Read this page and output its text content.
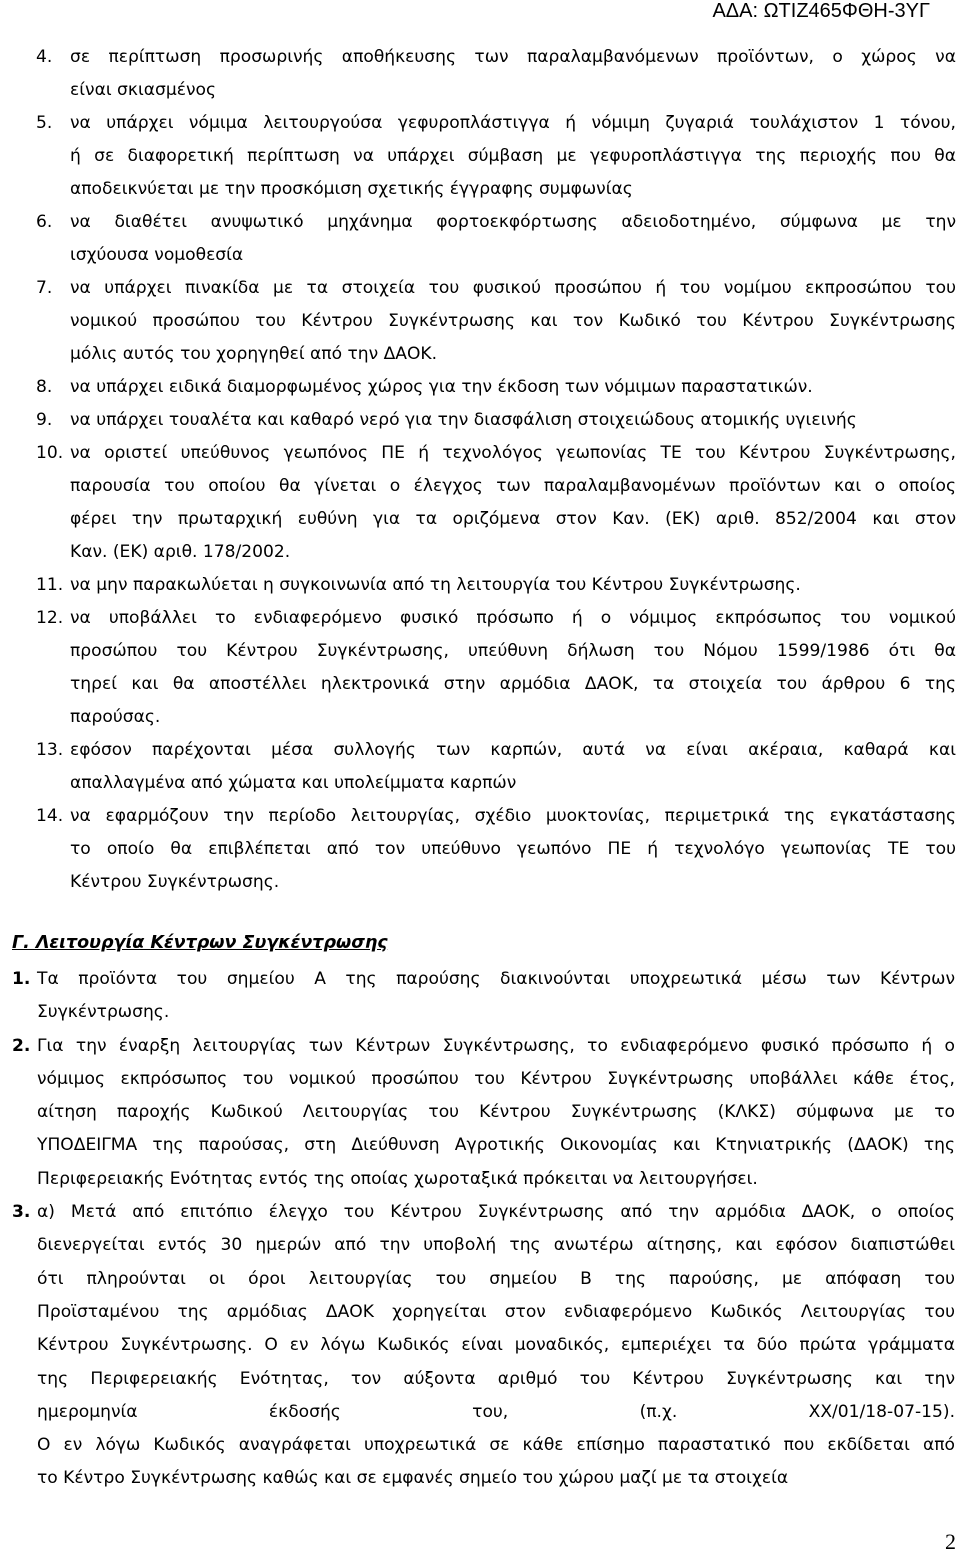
ΑΔΑ: ΩΤΙΖ465ΦΘΗ-3ΥΓ
4. σε περίπτωση προσωρινής αποθήκευσης των παραλαμβανόμενων προϊόντων, ο χώρος να
είναι σκιασμένος
5. να υπάρχει νόμιμα λειτουργούσα γεφυροπλάστιγγα ή νόμιμη ζυγαριά τουλάχιστον 1 τόνου,
ή σε διαφορετική περίπτωση να υπάρχει σύμβαση με γεφυροπλάστιγγα της περιοχής που θα
αποδεικνύεται με την προσκόμιση σχετικής έγγραφης συμφωνίας
6. να διαθέτει ανυψωτικό μηχάνημα φορτοεκφόρτωσης αδειοδοτημένο, σύμφωνα με την
ισχύουσα νομοθεσία
7. να υπάρχει πινακίδα με τα στοιχεία του φυσικού προσώπου ή του νομίμου εκπροσώπου του
νομικού προσώπου του Κέντρου Συγκέντρωσης και τον Κωδικό του Κέντρου Συγκέντρωσης
μόλις αυτός του χορηγηθεί από την ΔΑΟΚ.
8. να υπάρχει ειδικά διαμορφωμένος χώρος για την έκδοση των νόμιμων παραστατικών.
9. να υπάρχει τουαλέτα και καθαρό νερό για την διασφάλιση στοιχειώδους ατομικής υγιεινής
10. να οριστεί υπεύθυνος γεωπόνος ΠΕ ή τεχνολόγος γεωπονίας ΤΕ του Κέντρου Συγκέντρωσης,
παρουσία του οποίου θα γίνεται ο έλεγχος των παραλαμβανομένων προϊόντων και ο οποίος
φέρει την πρωταρχική ευθύνη για τα οριζόμενα στον Καν. (ΕΚ) αριθ. 852/2004 και στον
Καν. (ΕΚ) αριθ. 178/2002.
11. να μην παρακωλύεται η συγκοινωνία από τη λειτουργία του Κέντρου Συγκέντρωσης.
12. να υποβάλλει το ενδιαφερόμενο φυσικό πρόσωπο ή ο νόμιμος εκπρόσωπος του νομικού
προσώπου του Κέντρου Συγκέντρωσης, υπεύθυνη δήλωση του Νόμου 1599/1986 ότι θα
τηρεί και θα αποστέλλει ηλεκτρονικά στην αρμόδια ΔΑΟΚ, τα στοιχεία του άρθρου 6 της
παρούσας.
13. εφόσον παρέχονται μέσα συλλογής των καρπών, αυτά να είναι ακέραια, καθαρά και
απαλλαγμένα από χώματα και υπολείμματα καρπών
14. να εφαρμόζουν την περίοδο λειτουργίας, σχέδιο μυοκτονίας, περιμετρικά της εγκατάστασης
το οποίο θα επιβλέπεται από τον υπεύθυνο γεωπόνο ΠΕ ή τεχνολόγο γεωπονίας ΤΕ του
Κέντρου Συγκέντρωσης.
Γ. Λειτουργία Κέντρων Συγκέντρωσης
1. Τα προϊόντα του σημείου Α της παρούσης διακινούνται υποχρεωτικά μέσω των Κέντρων
Συγκέντρωσης.
2. Για την έναρξη λειτουργίας των Κέντρων Συγκέντρωσης, το ενδιαφερόμενο φυσικό πρόσωπο ή ο
νόμιμος εκπρόσωπος του νομικού προσώπου του Κέντρου Συγκέντρωσης υποβάλλει κάθε έτος,
αίτηση παροχής Κωδικού Λειτουργίας του Κέντρου Συγκέντρωσης (ΚΛΚΣ) σύμφωνα με το
ΥΠΟΔΕΙΓΜΑ της παρούσας, στη Διεύθυνση Αγροτικής Οικονομίας και Κτηνιατρικής (ΔΑΟΚ) της
Περιφερειακής Ενότητας εντός της οποίας χωροταξικά πρόκειται να λειτουργήσει.
3. α) Μετά από επιτόπιο έλεγχο του Κέντρου Συγκέντρωσης από την αρμόδια ΔΑΟΚ, ο οποίος
διενεργείται εντός 30 ημερών από την υποβολή της ανωτέρω αίτησης, και εφόσον διαπιστώθει
ότι πληρούνται οι όροι λειτουργίας του σημείου Β της παρούσης, με απόφαση του
Προϊσταμένου της αρμόδιας ΔΑΟΚ χορηγείται στον ενδιαφερόμενο Κωδικός Λειτουργίας του
Κέντρου Συγκέντρωσης. Ο εν λόγω Κωδικός είναι μοναδικός, εμπεριέχει τα δύο πρώτα γράμματα
της Περιφερειακής Ενότητας, τον αύξοντα αριθμό του Κέντρου Συγκέντρωσης και την
ημερομηνία έκδοσής του, (π.χ. ΧΧ/01/18-07-15).
Ο εν λόγω Κωδικός αναγράφεται υποχρεωτικά σε κάθε επίσημο παραστατικό που εκδίδεται από
το Κέντρο Συγκέντρωσης καθώς και σε εμφανές σημείο του χώρου μαζί με τα στοιχεία
2
